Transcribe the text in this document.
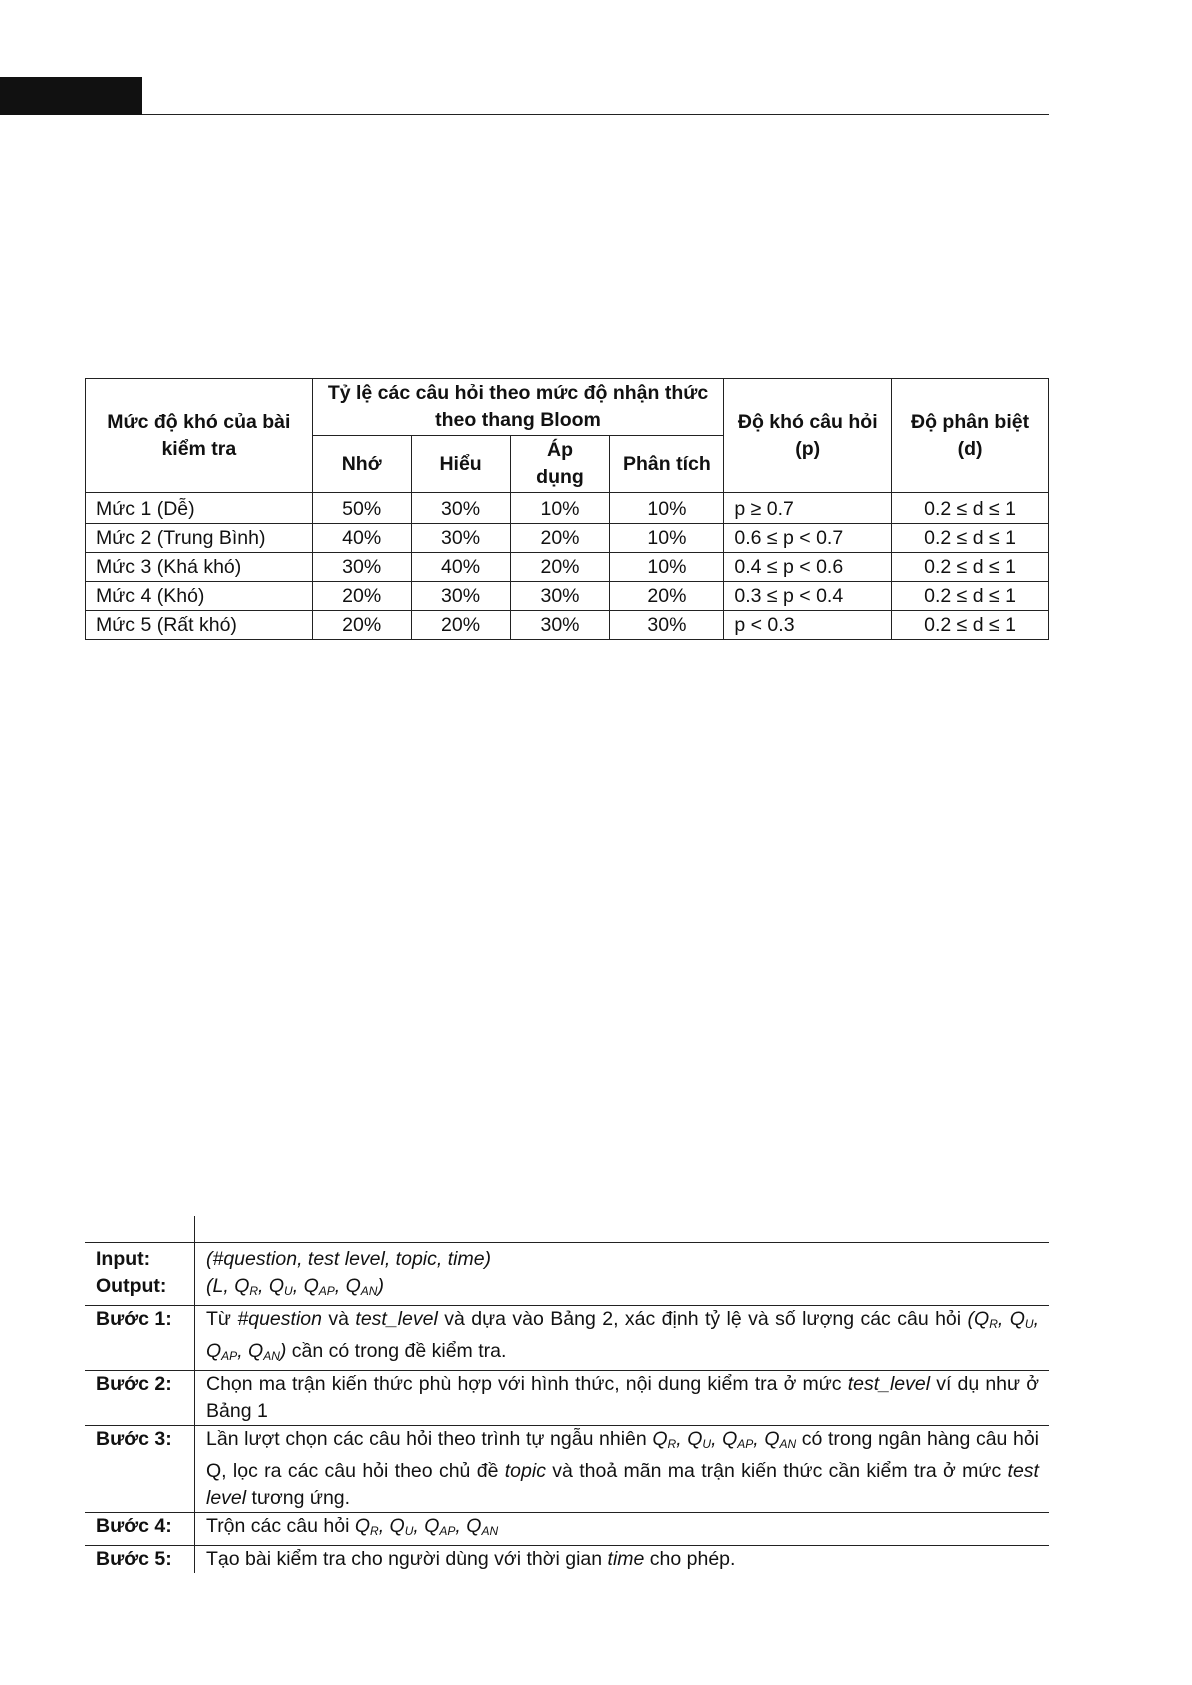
Mức độ khó của bài kiểm tra	Tỷ lệ các câu hỏi theo mức độ nhận thức theo thang Bloom				Độ khó câu hỏi (p)	Độ phân biệt (d)
	Nhớ	Hiểu	Áp dụng	Phân tích		
Mức 1 (Dễ)	50%	30%	10%	10%	p ≥ 0.7	0.2 ≤ d ≤ 1
Mức 2 (Trung Bình)	40%	30%	20%	10%	0.6 ≤ p < 0.7	0.2 ≤ d ≤ 1
Mức 3 (Khá khó)	30%	40%	20%	10%	0.4 ≤ p < 0.6	0.2 ≤ d ≤ 1
Mức 4 (Khó)	20%	30%	30%	20%	0.3 ≤ p < 0.4	0.2 ≤ d ≤ 1
Mức 5 (Rất khó)	20%	20%	30%	30%	p < 0.3	0.2 ≤ d ≤ 1

Input:	(#question, test level, topic, time)
Output:	(L, $Q_R$, $Q_U$, $Q_{AP}$, $Q_{AN}$)
Bước 1:	Từ #question và test_level và dựa vào Bảng 2, xác định tỷ lệ và số lượng các câu hỏi ($Q_R$, $Q_U$, $Q_{AP}$, $Q_{AN}$) cần có trong đề kiểm tra.
Bước 2:	Chọn ma trận kiến thức phù hợp với hình thức, nội dung kiểm tra ở mức test_level ví dụ như ở Bảng 1
Bước 3:	Lần lượt chọn các câu hỏi theo trình tự ngẫu nhiên $Q_R$, $Q_U$, $Q_{AP}$, $Q_{AN}$ có trong ngân hàng câu hỏi Q, lọc ra các câu hỏi theo chủ đề topic và thoả mãn ma trận kiến thức cần kiểm tra ở mức test level tương ứng.
Bước 4:	Trộn các câu hỏi $Q_R$, $Q_U$, $Q_{AP}$, $Q_{AN}$
Bước 5:	Tạo bài kiểm tra cho người dùng với thời gian time cho phép.
